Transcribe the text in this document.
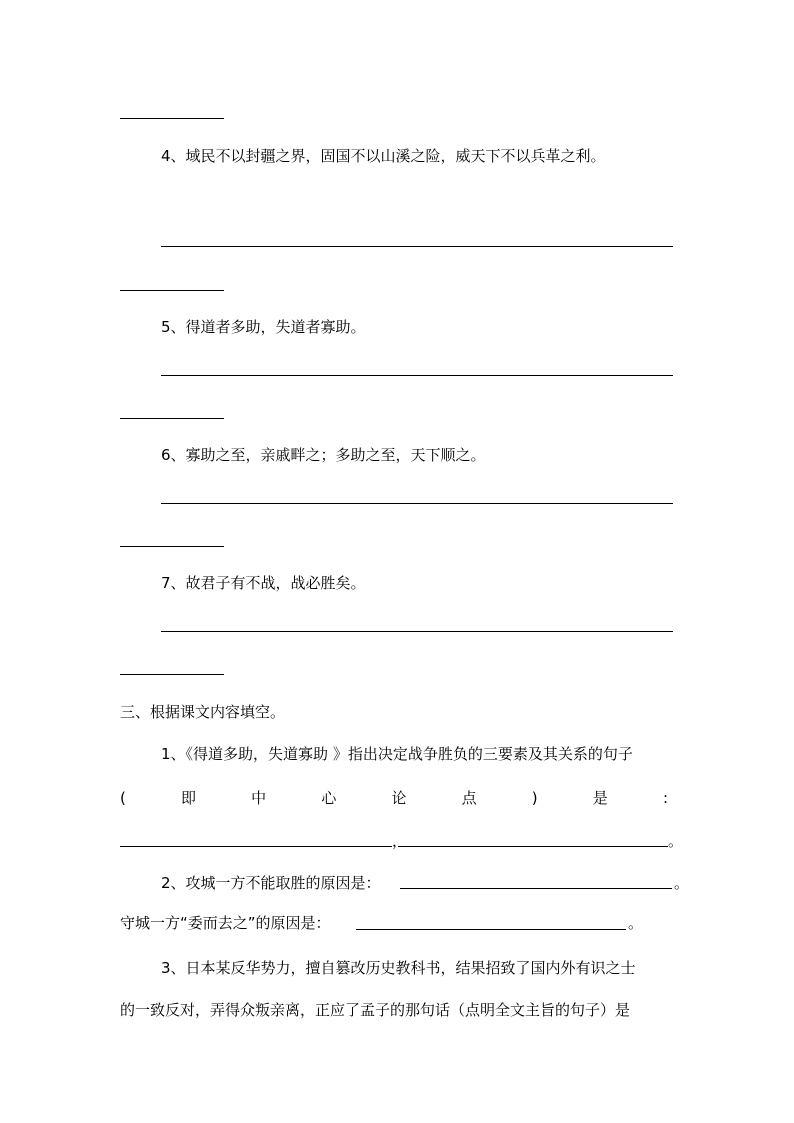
4、域民不以封疆之界，固国不以山溪之险，威天下不以兵革之利。
5、得道者多助，失道者寡助。
6、寡助之至，亲戚畔之；多助之至，天下顺之。
7、故君子有不战，战必胜矣。
三、根据课文内容填空。
1、《得道多助，失道寡助 》指出决定战争胜负的三要素及其关系的句子
(	即	中	心	论	点	)	是	:
，	。
2、攻城一方不能取胜的原因是：	。
守城一方“委而去之”的原因是：	。
3、日本某反华势力，擅自篡改历史教科书，结果招致了国内外有识之士
的一致反对，弄得众叛亲离，正应了孟子的那句话（点明全文主旨的句子）是
